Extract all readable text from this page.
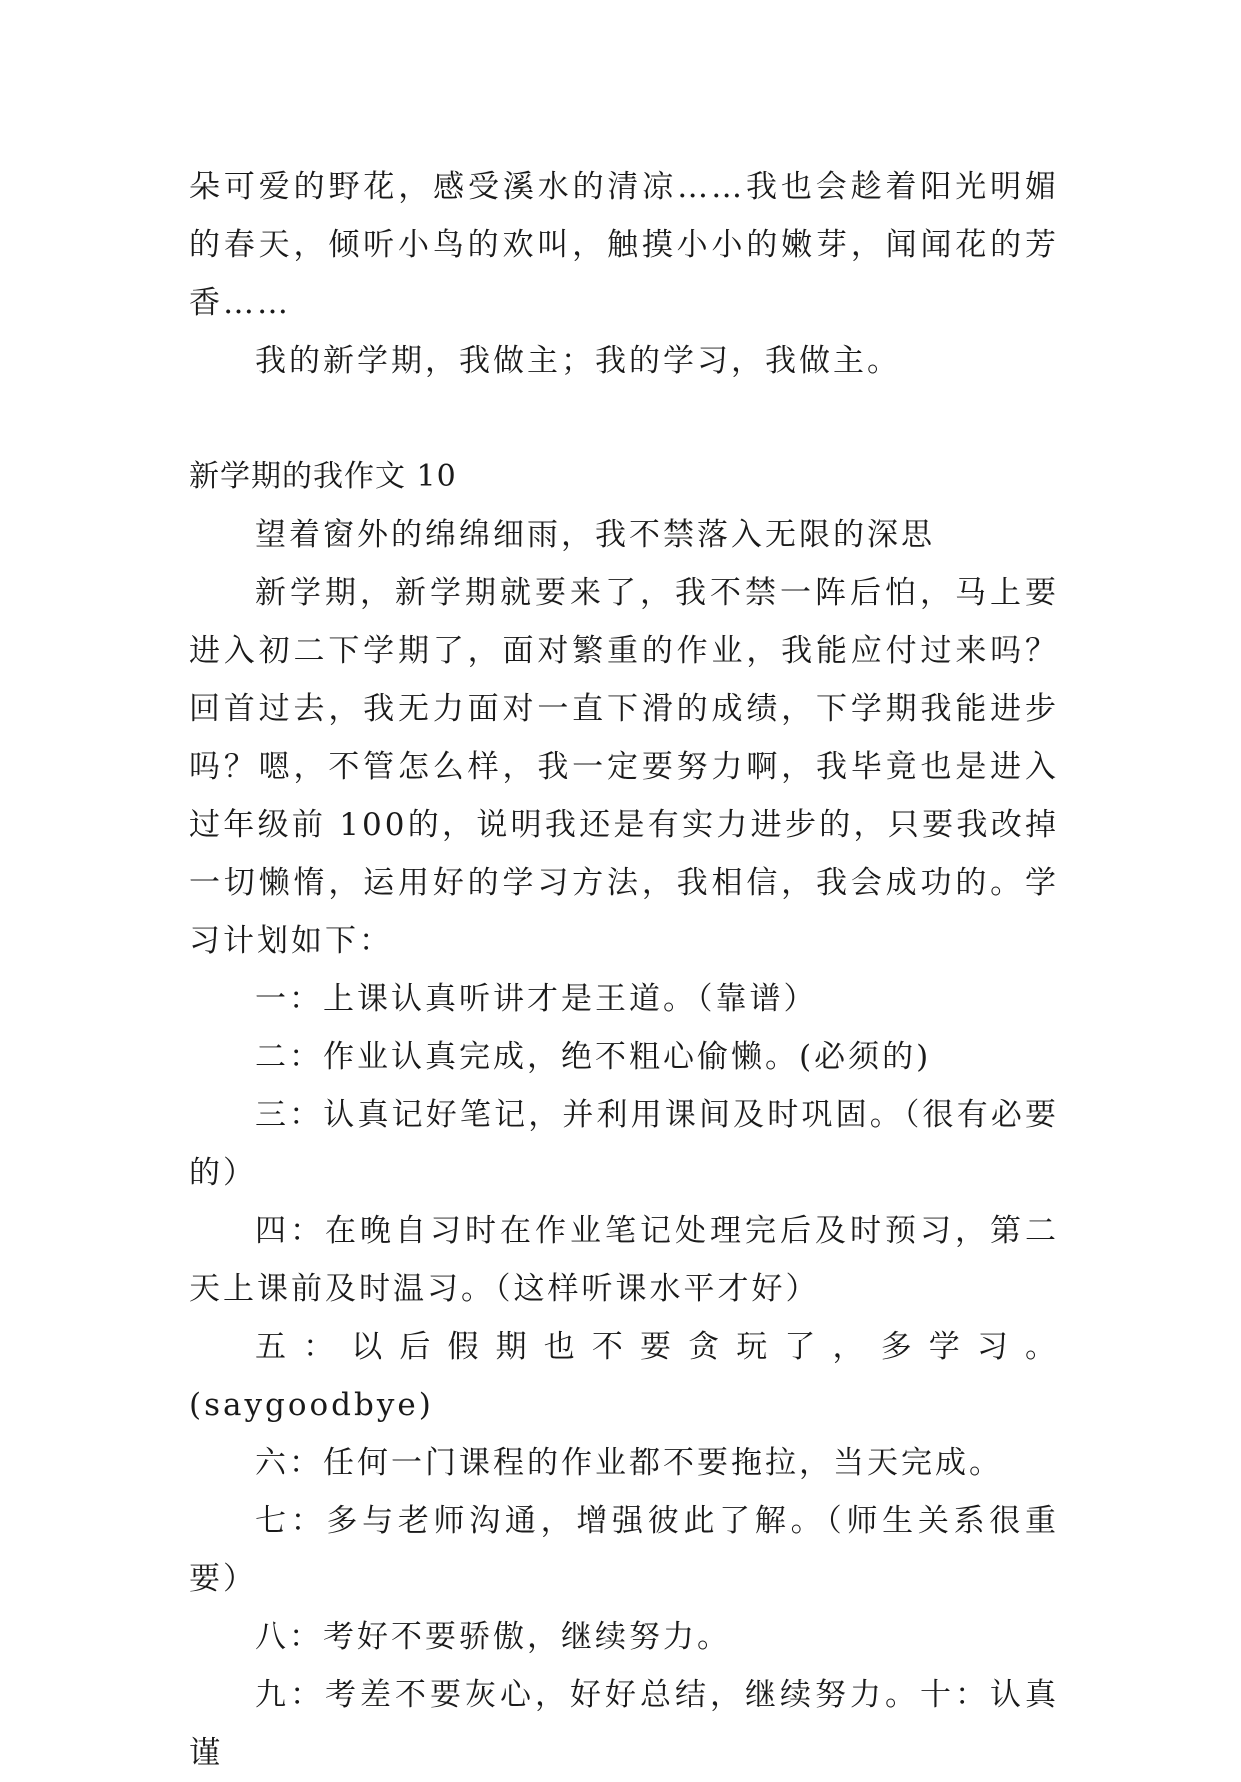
朵可爱的野花，感受溪水的清凉……我也会趁着阳光明媚的春天，倾听小鸟的欢叫，触摸小小的嫩芽，闻闻花的芳香……

我的新学期，我做主；我的学习，我做主。

新学期的我作文 10

望着窗外的绵绵细雨，我不禁落入无限的深思

新学期，新学期就要来了，我不禁一阵后怕，马上要进入初二下学期了，面对繁重的作业，我能应付过来吗？回首过去，我无力面对一直下滑的成绩，下学期我能进步吗？嗯，不管怎么样，我一定要努力啊，我毕竟也是进入过年级前 100的，说明我还是有实力进步的，只要我改掉一切懒惰，运用好的学习方法，我相信，我会成功的。学习计划如下：

一：上课认真听讲才是王道。（靠谱）

二：作业认真完成，绝不粗心偷懒。(必须的)

三：认真记好笔记，并利用课间及时巩固。（很有必要的）

四：在晚自习时在作业笔记处理完后及时预习，第二天上课前及时温习。（这样听课水平才好）

五：以后假期也不要贪玩了，多学习。(saygoodbye)

六：任何一门课程的作业都不要拖拉，当天完成。

七：多与老师沟通，增强彼此了解。（师生关系很重要）

八：考好不要骄傲，继续努力。

九：考差不要灰心，好好总结，继续努力。十：认真谨
